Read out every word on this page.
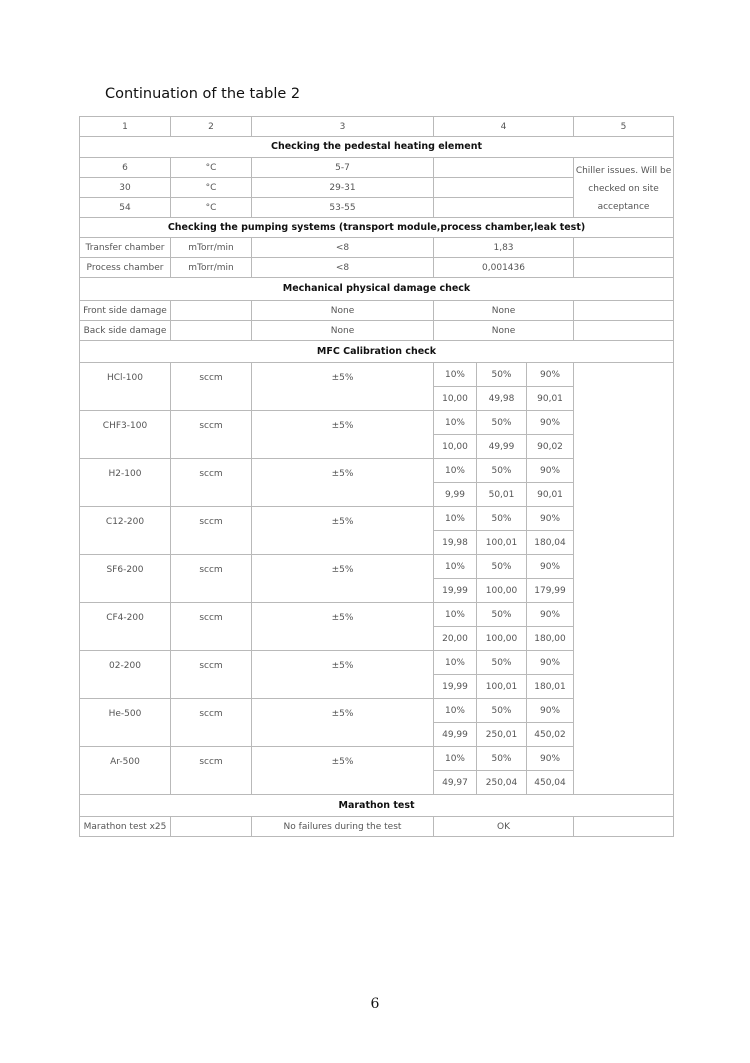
Continuation of the table 2
1	2	3	4			5
Checking the pedestal heating element						
6	°C	5-7				Chiller issues. Will be checked on site acceptance
30	°C	29-31				
54	°C	53-55				
Checking the pumping systems (transport module,process chamber,leak test)						
Transfer chamber	mTorr/min	<8	1,83			
Process chamber	mTorr/min	<8	0,001436			
Mechanical physical damage check						
Front side damage		None	None			
Back side damage		None	None			
MFC Calibration check						
HCl-100	sccm	±5%	10%	50%	90%	
			10,00	49,98	90,01	
CHF3-100	sccm	±5%	10%	50%	90%	
			10,00	49,99	90,02	
H2-100	sccm	±5%	10%	50%	90%	
			9,99	50,01	90,01	
C12-200	sccm	±5%	10%	50%	90%	
			19,98	100,01	180,04	
SF6-200	sccm	±5%	10%	50%	90%	
			19,99	100,00	179,99	
CF4-200	sccm	±5%	10%	50%	90%	
			20,00	100,00	180,00	
02-200	sccm	±5%	10%	50%	90%	
			19,99	100,01	180,01	
He-500	sccm	±5%	10%	50%	90%	
			49,99	250,01	450,02	
Ar-500	sccm	±5%	10%	50%	90%	
			49,97	250,04	450,04	
Marathon test						
Marathon test x25		No failures during the test	OK			
6
